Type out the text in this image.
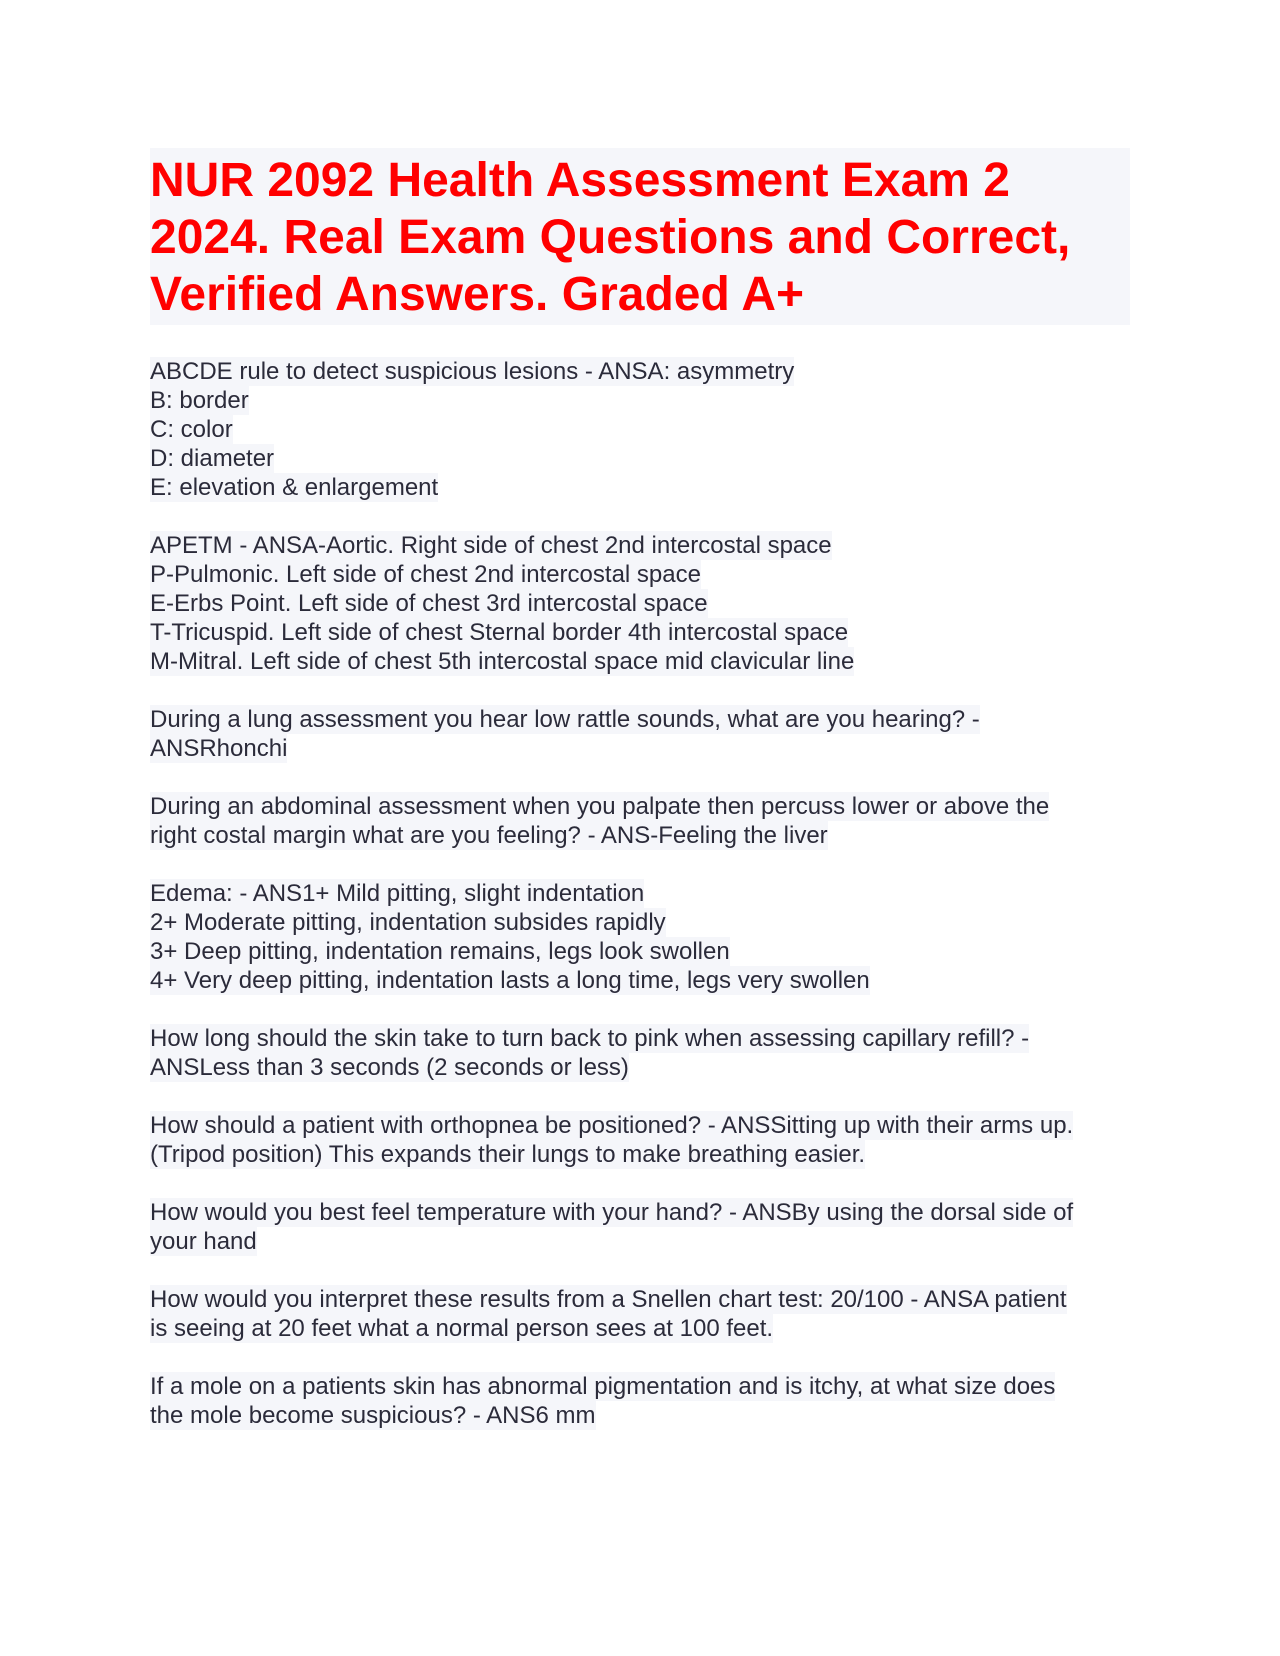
NUR 2092 Health Assessment Exam 2
2024. Real Exam Questions and Correct,
Verified Answers. Graded A+
ABCDE rule to detect suspicious lesions - ANSA: asymmetry
B: border
C: color
D: diameter
E: elevation & enlargement
APETM - ANSA-Aortic. Right side of chest 2nd intercostal space
P-Pulmonic. Left side of chest 2nd intercostal space
E-Erbs Point. Left side of chest 3rd intercostal space
T-Tricuspid. Left side of chest Sternal border 4th intercostal space
M-Mitral. Left side of chest 5th intercostal space mid clavicular line
During a lung assessment you hear low rattle sounds, what are you hearing? -
ANSRhonchi
During an abdominal assessment when you palpate then percuss lower or above the
right costal margin what are you feeling? - ANS-Feeling the liver
Edema: - ANS1+ Mild pitting, slight indentation
2+ Moderate pitting, indentation subsides rapidly
3+ Deep pitting, indentation remains, legs look swollen
4+ Very deep pitting, indentation lasts a long time, legs very swollen
How long should the skin take to turn back to pink when assessing capillary refill? -
ANSLess than 3 seconds (2 seconds or less)
How should a patient with orthopnea be positioned? - ANSSitting up with their arms up.
(Tripod position) This expands their lungs to make breathing easier.
How would you best feel temperature with your hand? - ANSBy using the dorsal side of
your hand
How would you interpret these results from a Snellen chart test: 20/100 - ANSA patient
is seeing at 20 feet what a normal person sees at 100 feet.
If a mole on a patients skin has abnormal pigmentation and is itchy, at what size does
the mole become suspicious? - ANS6 mm
